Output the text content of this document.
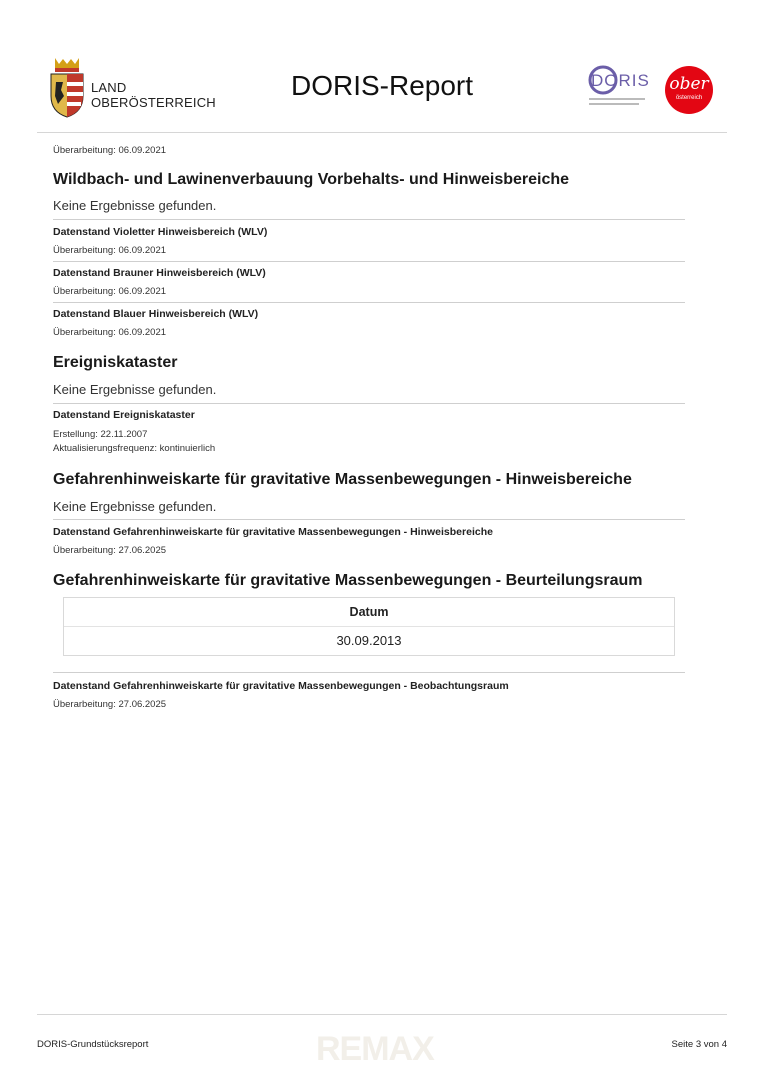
LAND
OBERÖSTERREICH
DORIS-Report	DORIS ober
österreich
Überarbeitung: 06.09.2021
Wildbach- und Lawinenverbauung Vorbehalts- und Hinweisbereiche
Keine Ergebnisse gefunden.
Datenstand Violetter Hinweisbereich (WLV)
Überarbeitung: 06.09.2021
Datenstand Brauner Hinweisbereich (WLV)
Überarbeitung: 06.09.2021
Datenstand Blauer Hinweisbereich (WLV)
Überarbeitung: 06.09.2021
Ereigniskataster
Keine Ergebnisse gefunden.
Datenstand Ereigniskataster
Erstellung: 22.11.2007
Aktualisierungsfrequenz: kontinuierlich
Gefahrenhinweiskarte für gravitative Massenbewegungen - Hinweisbereiche
Keine Ergebnisse gefunden.
Datenstand Gefahrenhinweiskarte für gravitative Massenbewegungen - Hinweisbereiche
Überarbeitung: 27.06.2025
Gefahrenhinweiskarte für gravitative Massenbewegungen - Beurteilungsraum
Datum
30.09.2013
Datenstand Gefahrenhinweiskarte für gravitative Massenbewegungen - Beobachtungsraum
Überarbeitung: 27.06.2025
REMAX
DORIS-Grundstücksreport	Seite 3 von 4
